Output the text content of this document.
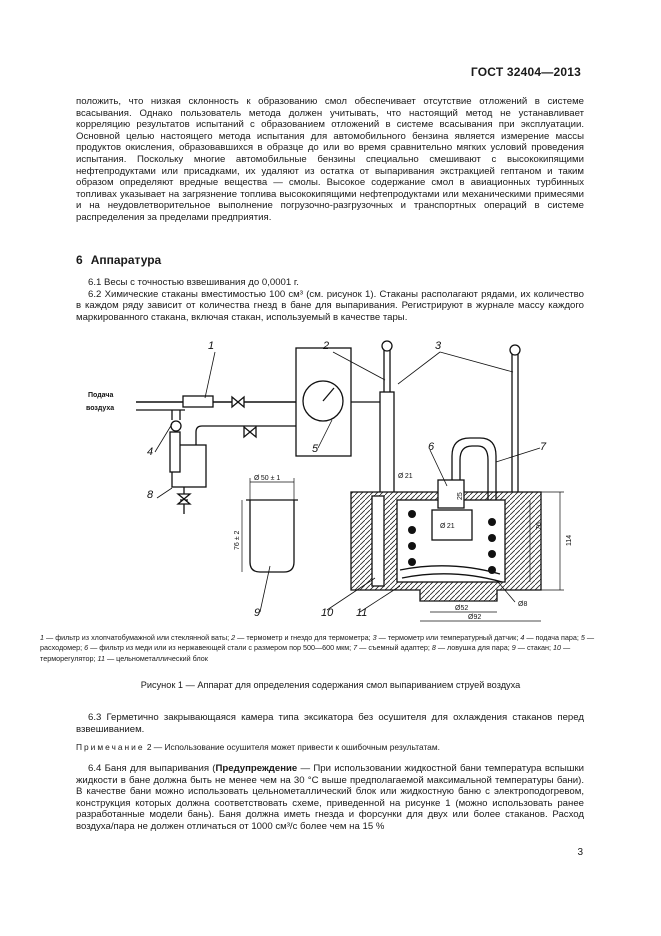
ГОСТ 32404—2013
положить, что низкая склонность к образованию смол обеспечивает отсутствие отложений в системе всасывания. Однако пользователь метода должен учитывать, что настоящий метод не устанавливает корреляцию результатов испытаний с образованием отложений в системе всасывания при эксплуатации. Основной целью настоящего метода испытания для автомобильного бензина является измерение массы продуктов окисления, образовавшихся в образце до или во время сравнительно мягких условий проведения испытания. Поскольку многие автомобильные бензины специально смешивают с высококипящими нефтепродуктами или присадками, их удаляют из остатка от выпаривания экстракцией гептаном и таким образом определяют вредные вещества — смолы. Высокое содержание смол в авиационных турбинных топливах указывает на загрязнение топлива высококипящими нефтепродуктами или механическими примесями и на неудовлетворительное выполнение погрузочно-разгрузочных и транспортных операций в системе распределения за пределами предприятия.
6 Аппаратура

6.1 Весы с точностью взвешивания до 0,0001 г.

6.2 Химические стаканы вместимостью 100 см³ (см. рисунок 1). Стаканы располагают рядами, их количество в каждом ряду зависит от количества гнезд в бане для выпаривания. Регистрируют в журнале массу каждого маркированного стакана, включая стакан, используемый в качестве тары.

1	2	3
4	5	6	7
8
9	10 11
Подача
воздуха
Ø 50 ± 1
76 ± 2
Ø 21
Ø 21
Ø52
Ø92
Ø8
76
114
25
1 — фильтр из хлопчатобумажной или стеклянной ваты; 2 — термометр и гнездо для термометра; 3 — термометр или температурный датчик; 4 — подача пара; 5 — расходомер; 6 — фильтр из меди или из нержавеющей стали с размером пор 500—600 мкм; 7 — съемный адаптер; 8 — ловушка для пара; 9 — стакан; 10 — терморегулятор; 11 — цельнометаллический блок
Рисунок 1 — Аппарат для определения содержания смол выпариванием струей воздуха

6.3 Герметично закрывающаяся камера типа эксикатора без осушителя для охлаждения стаканов перед взвешиванием.

Примечание 2 — Использование осушителя может привести к ошибочным результатам.

6.4 Баня для выпаривания (Предупреждение — При использовании жидкостной бани температура вспышки жидкости в бане должна быть не менее чем на 30 °С выше предполагаемой максимальной температуры бани). В качестве бани можно использовать цельнометаллический блок или жидкостную баню с электроподогревом, конструкция которых должна соответствовать схеме, приведенной на рисунке 1 (можно использовать ранее разработанные модели бань). Баня должна иметь гнезда и форсунки для двух или более стаканов. Расход воздуха/пара не должен отличаться от 1000 см³/с более чем на 15 %

3
